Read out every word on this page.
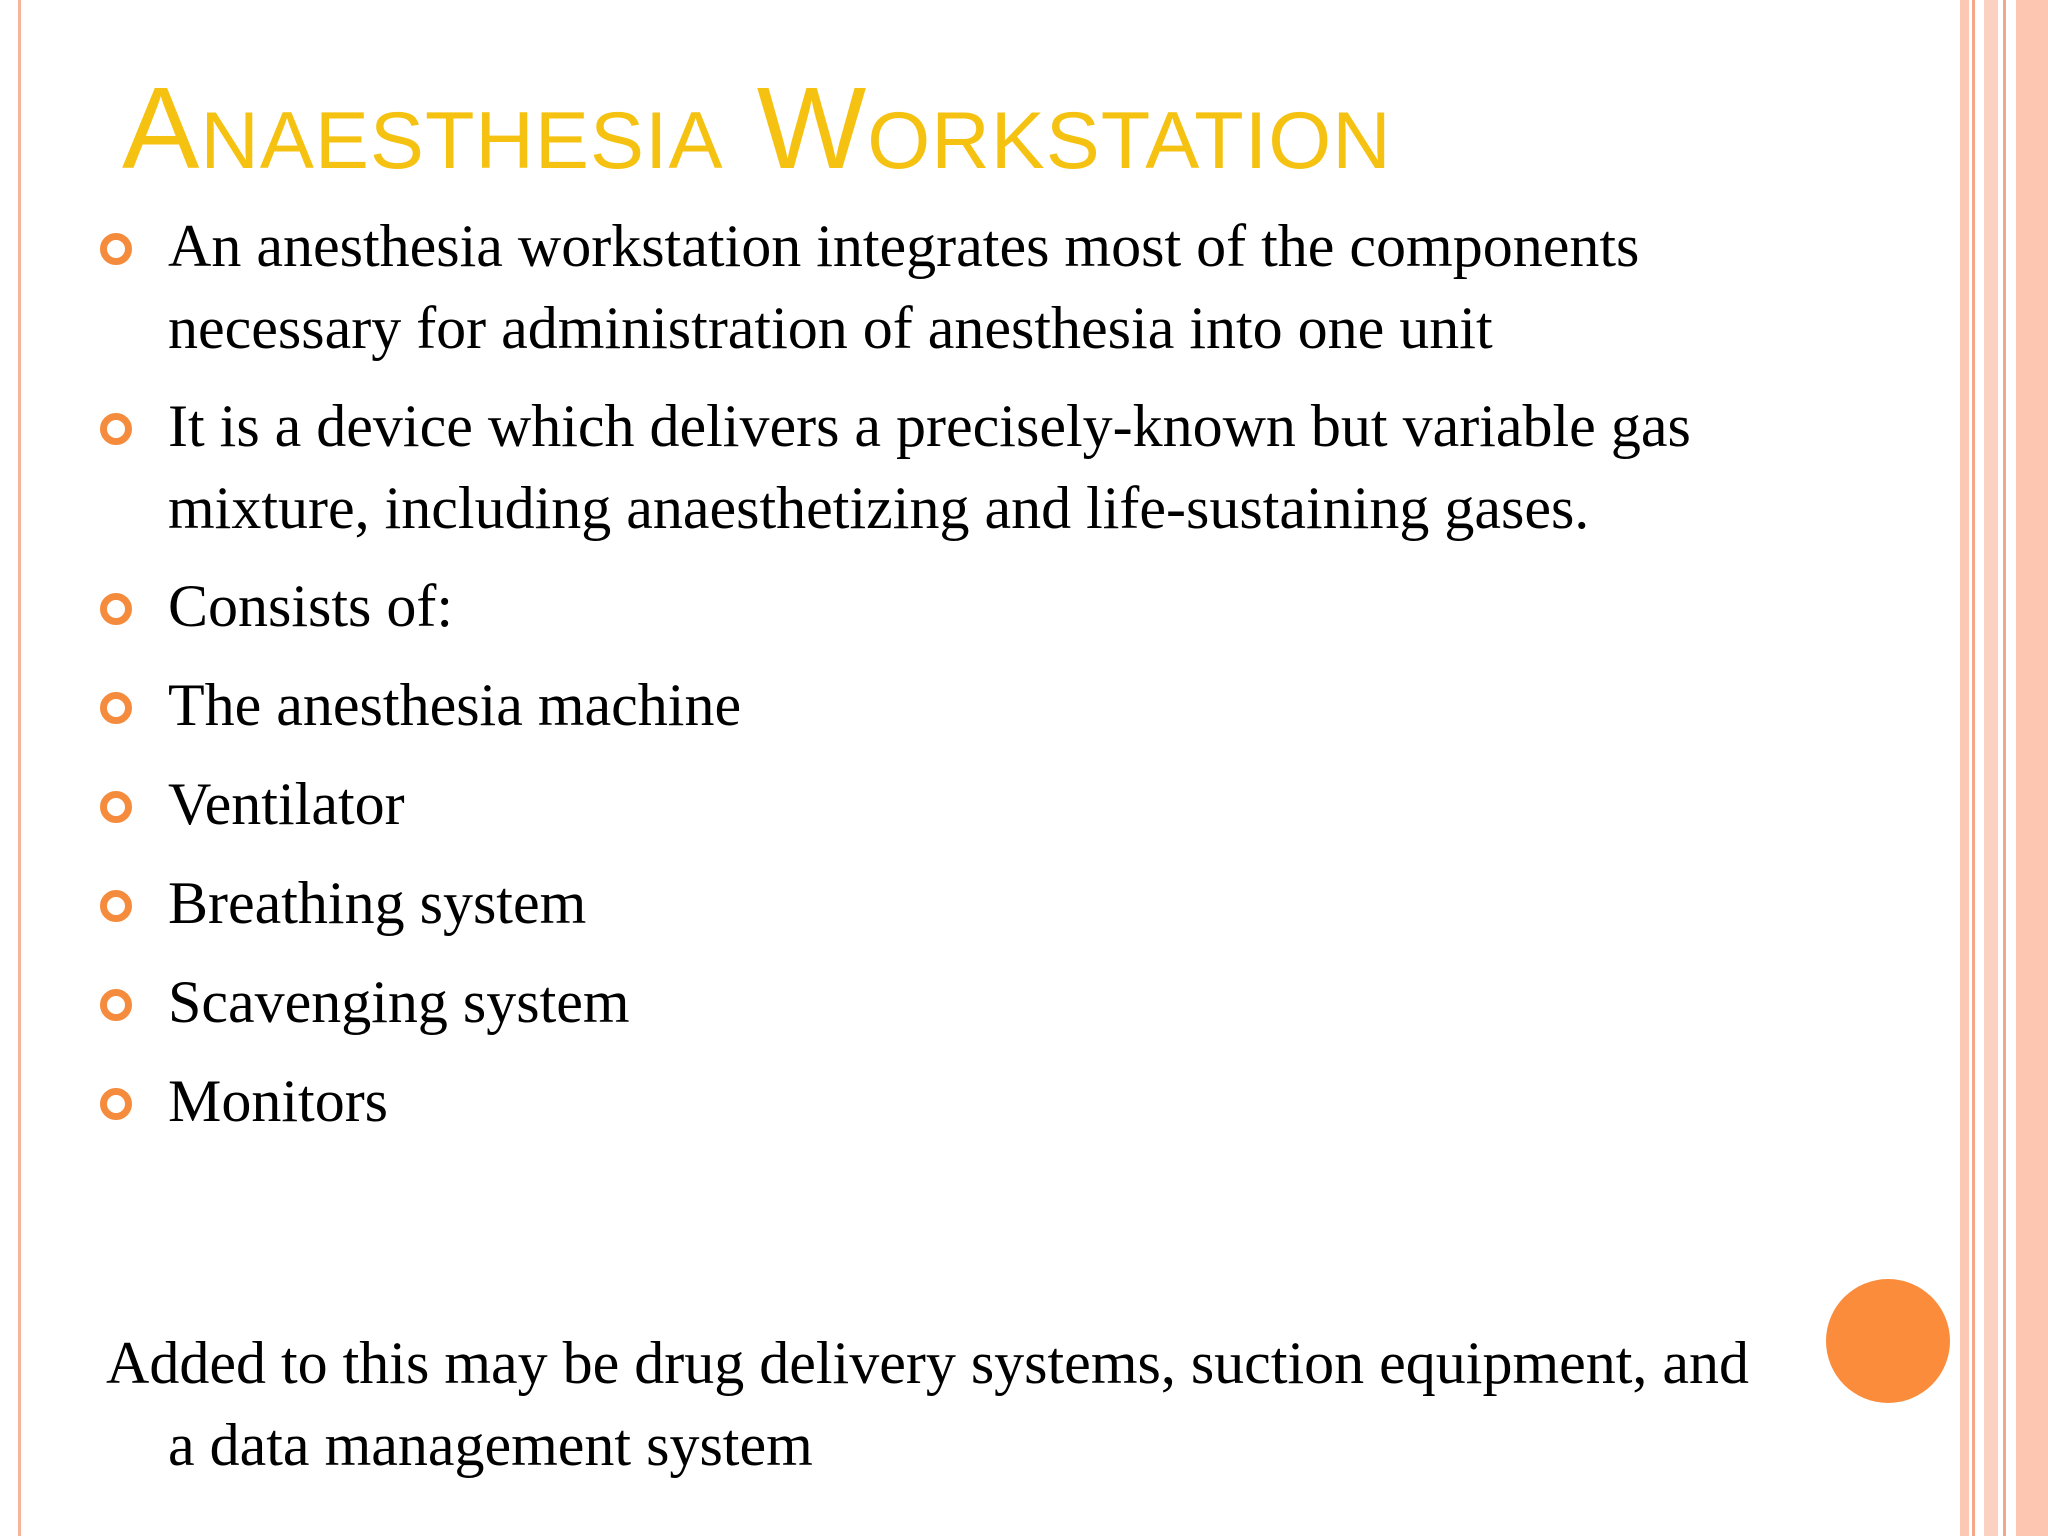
Anaesthesia Workstation
An anesthesia workstation integrates most of the components necessary for administration of anesthesia into one unit
It is a device which delivers a precisely-known but variable gas mixture, including anaesthetizing and life-sustaining gases.
Consists of:
The anesthesia machine
Ventilator
Breathing system
Scavenging system
Monitors

Added to this may be drug delivery systems, suction equipment, and a data management system
